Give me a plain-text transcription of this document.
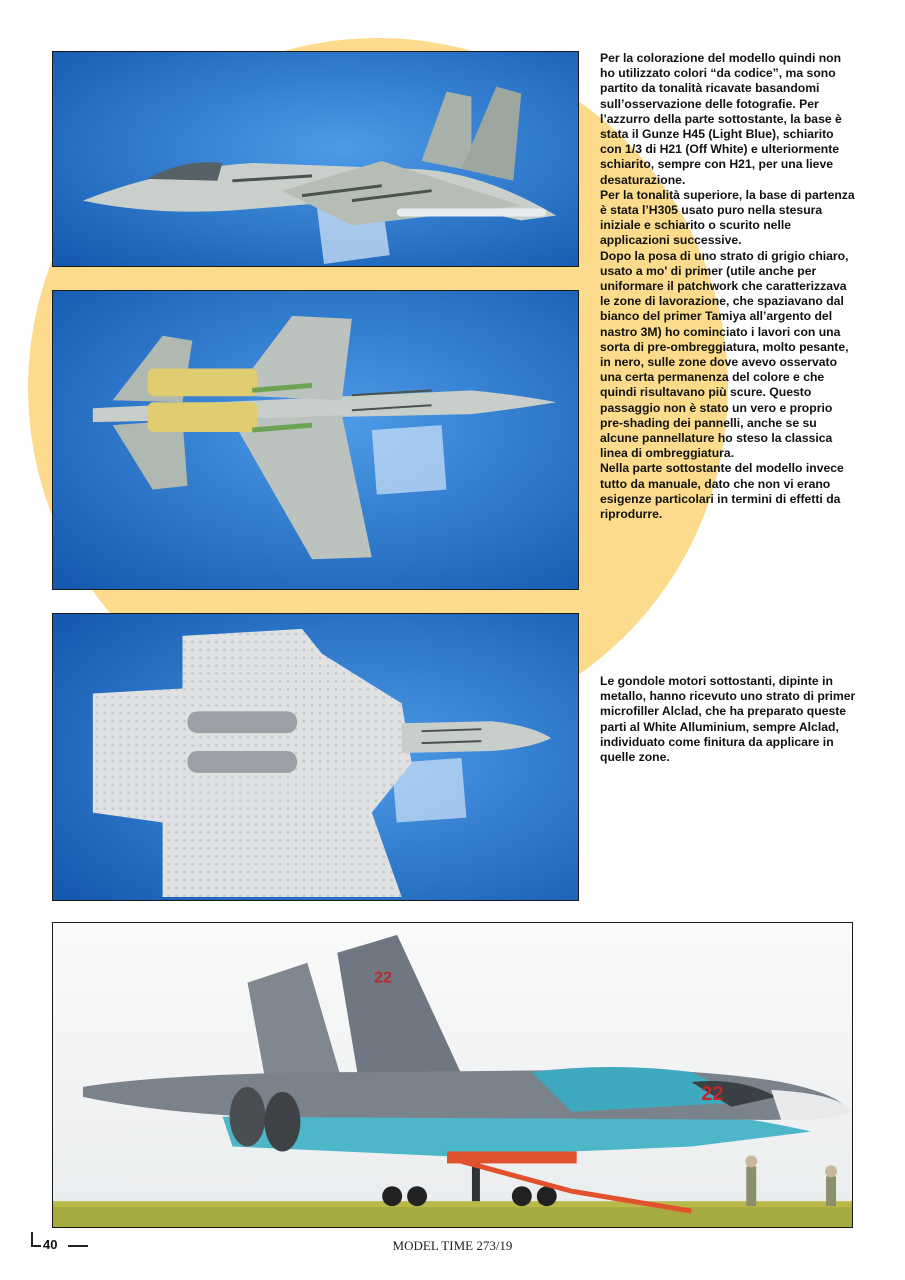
22
22

Per la colorazione del modello quindi non ho utilizzato colori “da codice”, ma sono partito da tonalità ricavate basandomi sull’osservazione delle fotografie. Per l’azzurro della parte sottostante, la base è stata il Gunze H45 (Light Blue), schiarito con 1/3 di H21 (Off White) e ulteriormente schiarito, sempre con H21, per una lieve desaturazione.

Per la tonalità superiore, la base di partenza è stata l’H305 usato puro nella stesura iniziale e schiarito o scurito nelle applicazioni successive.

Dopo la posa di uno strato di grigio chiaro, usato a mo' di primer (utile anche per uniformare il patchwork che caratterizzava le zone di lavorazione, che spaziavano dal bianco del primer Tamiya all’argento del nastro 3M) ho cominciato i lavori con una sorta di pre-ombreggiatura, molto pesante, in nero, sulle zone dove avevo osservato una certa permanenza del colore e che quindi risultavano più scure. Questo passaggio non è stato un vero e proprio pre-shading dei pannelli, anche se su alcune pannellature ho steso la classica linea di ombreggiatura.

Nella parte sottostante del modello invece tutto da manuale, dato che non vi erano esigenze particolari in termini di effetti da riprodurre.

Le gondole motori sottostanti, dipinte in metallo, hanno ricevuto uno strato di primer microfiller Alclad, che ha preparato queste parti al White Alluminium, sempre Alclad, individuato come finitura da applicare in quelle zone.

40	MODEL TIME 273/19
